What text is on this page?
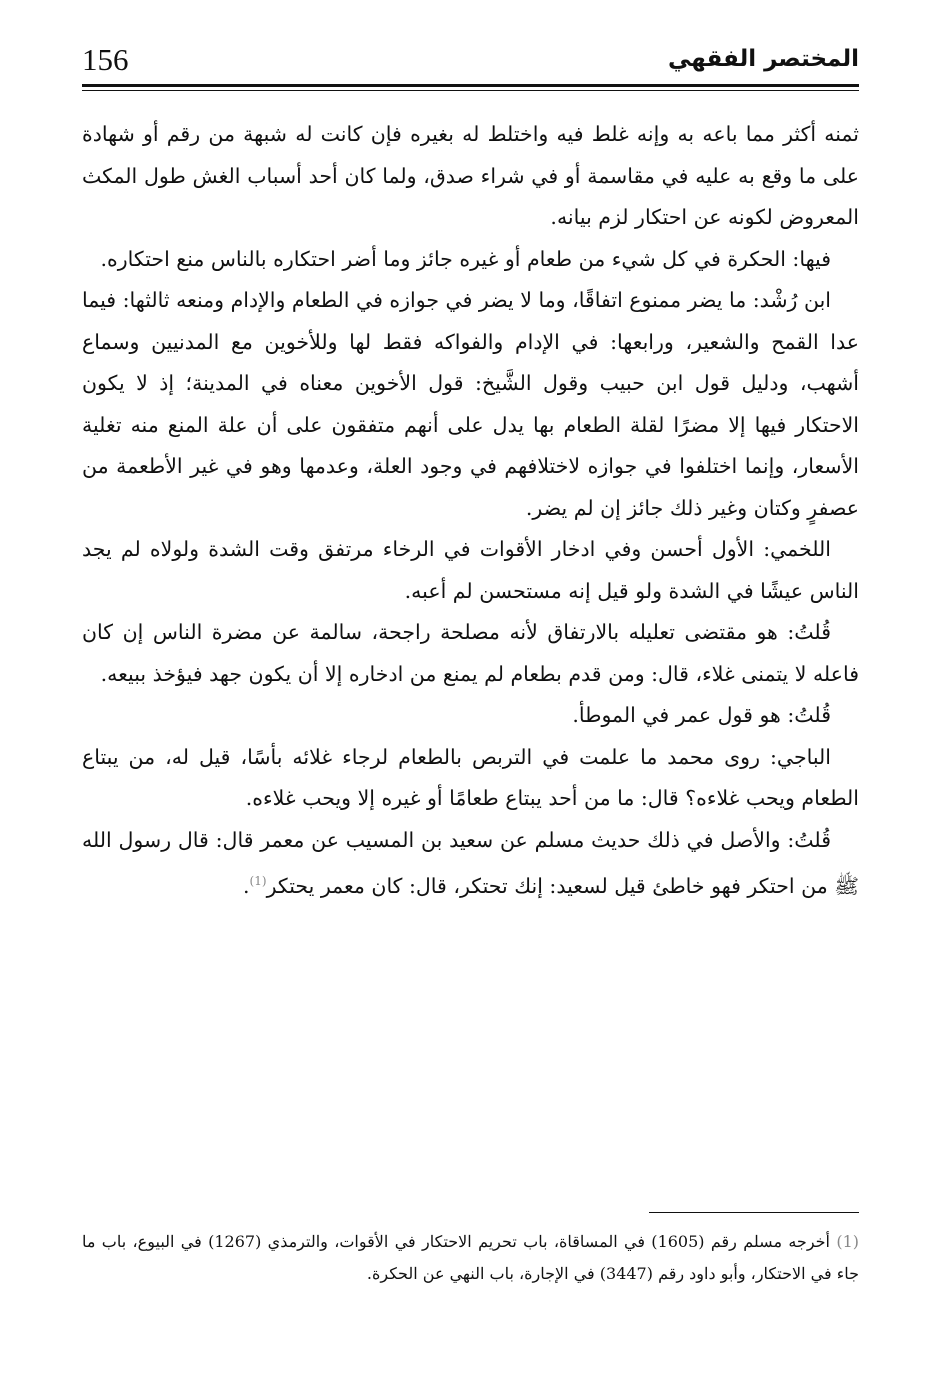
156	المختصر الفقهي

ثمنه أكثر مما باعه به وإنه غلط فيه واختلط له بغيره فإن كانت له شبهة من رقم أو شهادة على ما وقع به عليه في مقاسمة أو في شراء صدق، ولما كان أحد أسباب الغش طول المكث المعروض لكونه عن احتكار لزم بيانه.

فيها: الحكرة في كل شيء من طعام أو غيره جائز وما أضر احتكاره بالناس منع احتكاره.

ابن رُشْد: ما يضر ممنوع اتفاقًا، وما لا يضر في جوازه في الطعام والإدام ومنعه ثالثها: فيما عدا القمح والشعير، ورابعها: في الإدام والفواكه فقط لها وللأخوين مع المدنيين وسماع أشهب، ودليل قول ابن حبيب وقول الشَّيخ: قول الأخوين معناه في المدينة؛ إذ لا يكون الاحتكار فيها إلا مضرًا لقلة الطعام بها يدل على أنهم متفقون على أن علة المنع منه تغلية الأسعار، وإنما اختلفوا في جوازه لاختلافهم في وجود العلة، وعدمها وهو في غير الأطعمة من عصفرٍ وكتان وغير ذلك جائز إن لم يضر.

اللخمي: الأول أحسن وفي ادخار الأقوات في الرخاء مرتفق وقت الشدة ولولاه لم يجد الناس عيشًا في الشدة ولو قيل إنه مستحسن لم أعبه.

قُلتُ: هو مقتضى تعليله بالارتفاق لأنه مصلحة راجحة، سالمة عن مضرة الناس إن كان فاعله لا يتمنى غلاء، قال: ومن قدم بطعام لم يمنع من ادخاره إلا أن يكون جهد فيؤخذ ببيعه.

قُلتُ: هو قول عمر في الموطأ.

الباجي: روى محمد ما علمت في التربص بالطعام لرجاء غلائه بأسًا، قيل له، من يبتاع الطعام ويحب غلاءه؟ قال: ما من أحد يبتاع طعامًا أو غيره إلا ويحب غلاءه.

قُلتُ: والأصل في ذلك حديث مسلم عن سعيد بن المسيب عن معمر قال: قال رسول الله ﷺ من احتكر فهو خاطئ قيل لسعيد: إنك تحتكر، قال: كان معمر يحتكر$^{(1)}$.

(1) أخرجه مسلم رقم (1605) في المساقاة، باب تحريم الاحتكار في الأقوات، والترمذي (1267) في البيوع، باب ما جاء في الاحتكار، وأبو داود رقم (3447) في الإجارة، باب النهي عن الحكرة.
